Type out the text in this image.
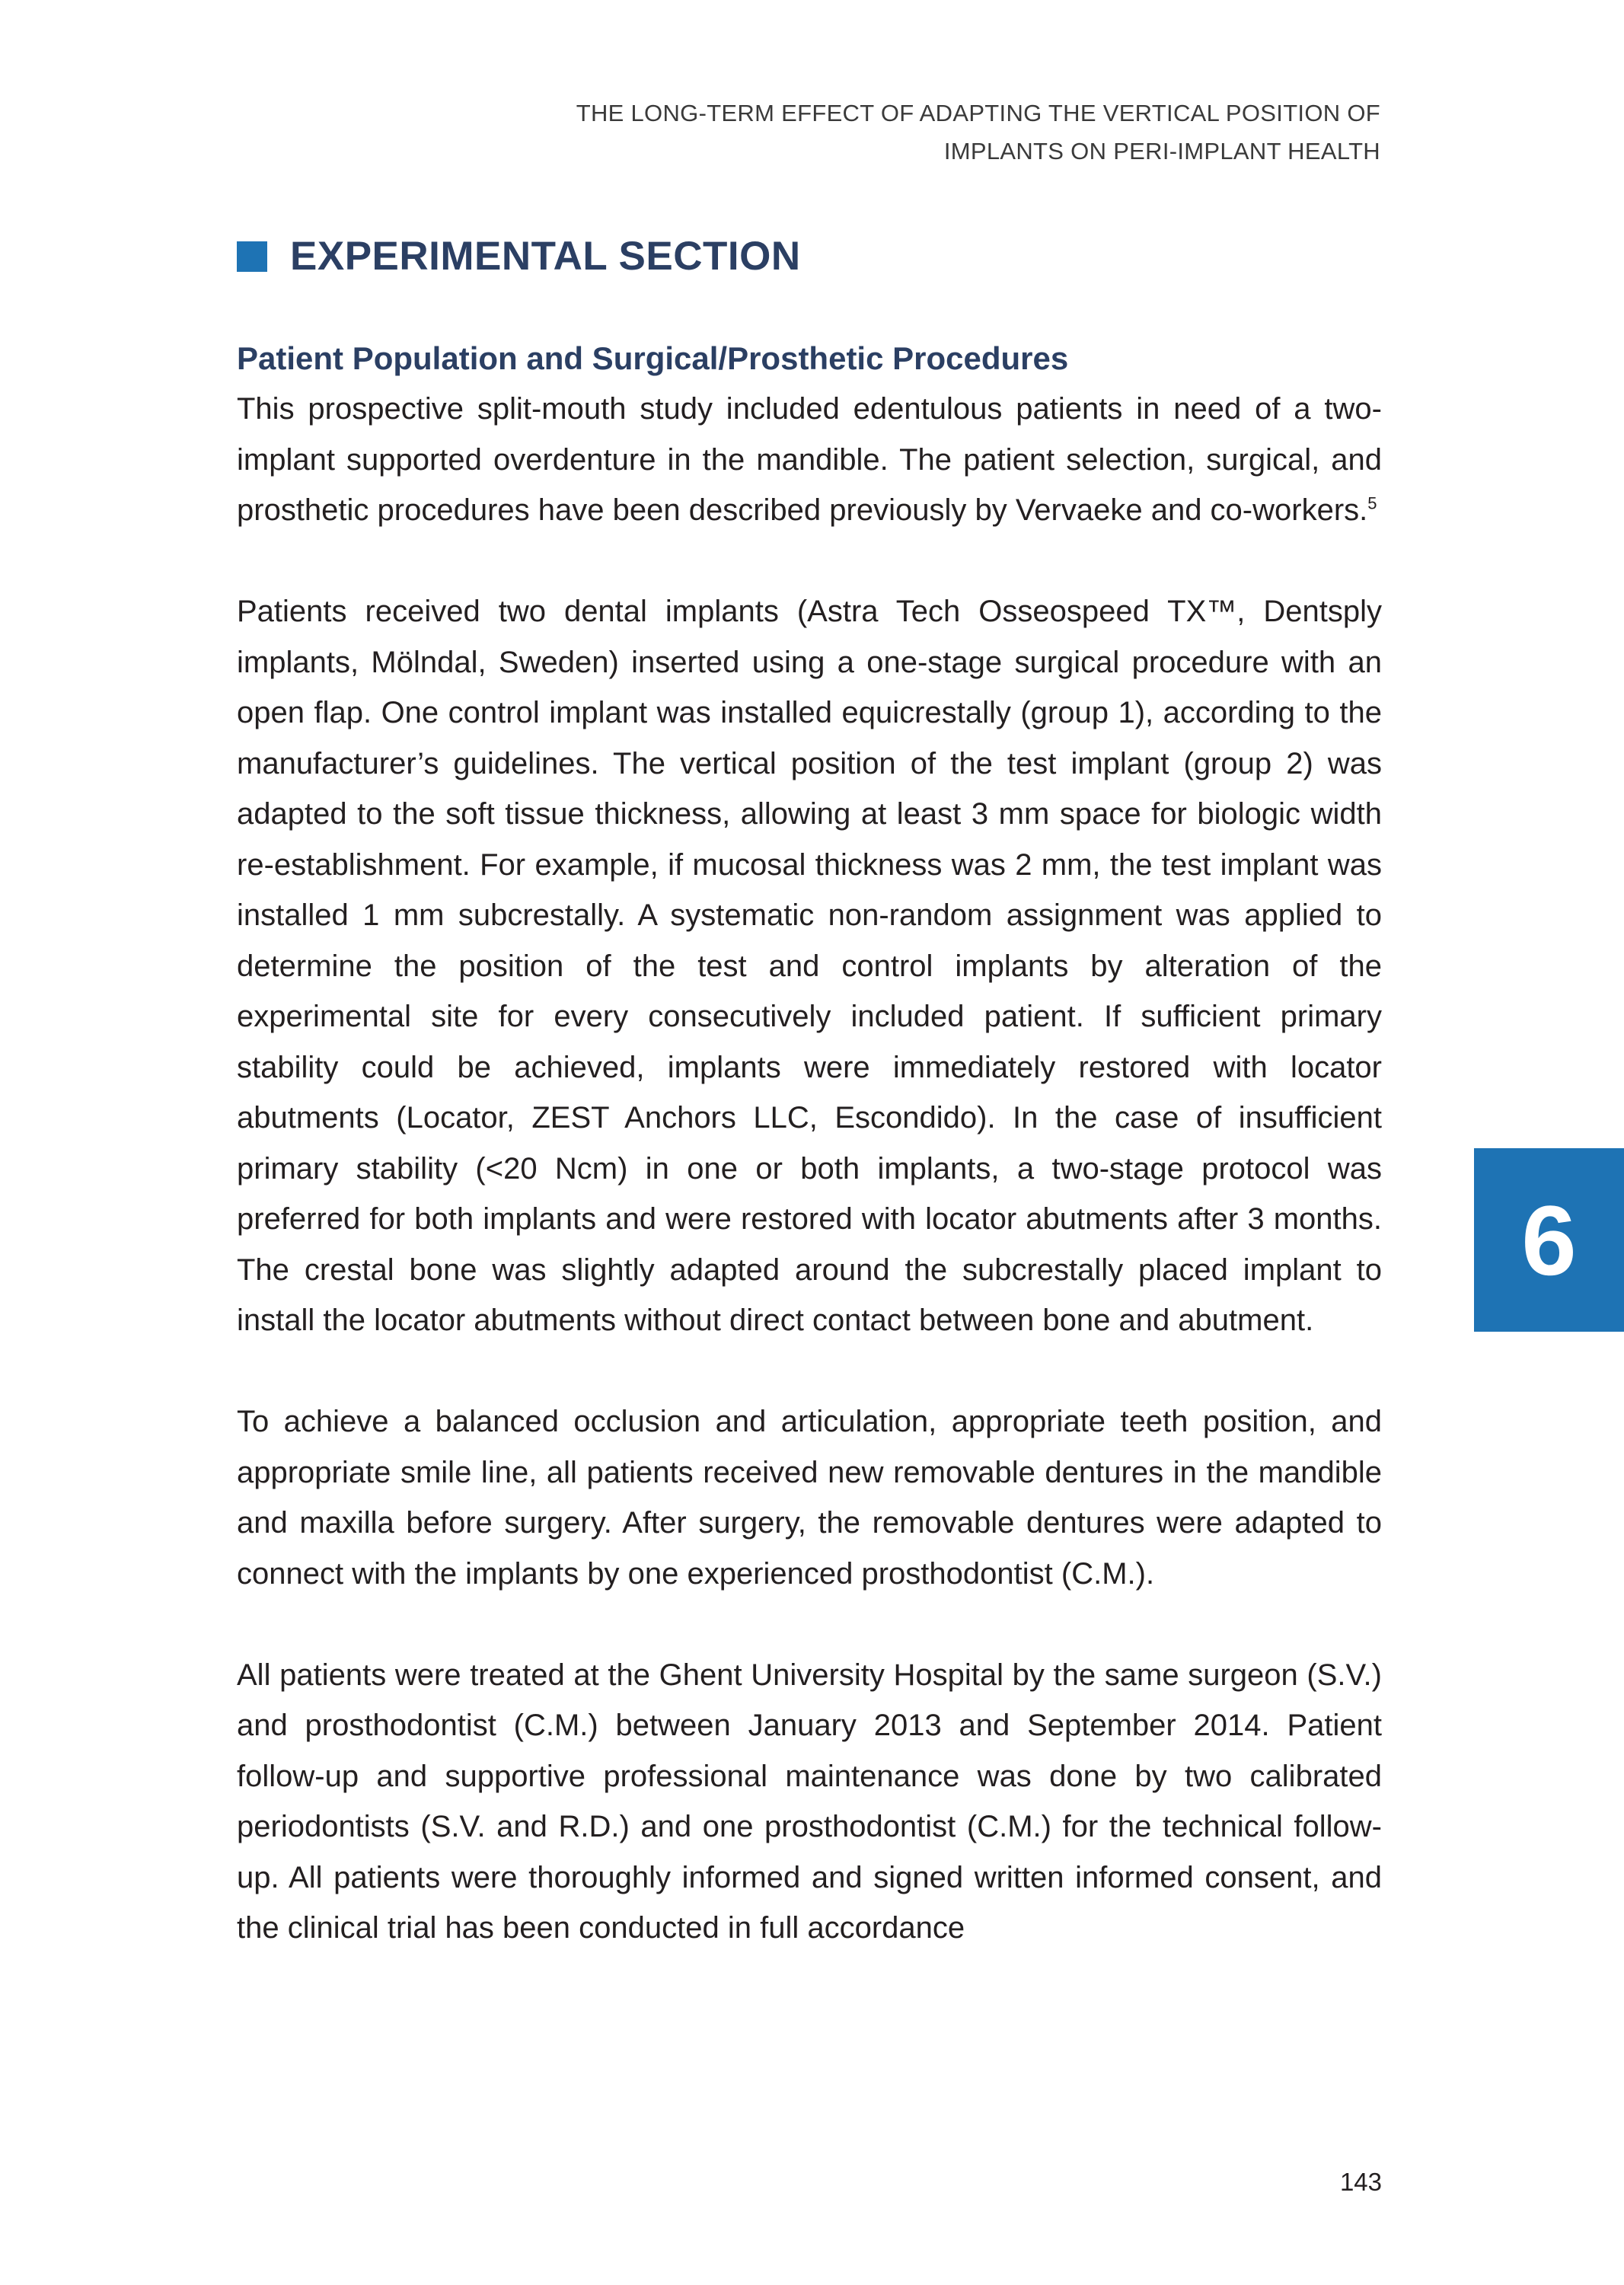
THE LONG-TERM EFFECT OF ADAPTING THE VERTICAL POSITION OF
IMPLANTS ON PERI-IMPLANT HEALTH
EXPERIMENTAL SECTION
Patient Population and Surgical/Prosthetic Procedures

This prospective split-mouth study included edentulous patients in need of a two-implant supported overdenture in the mandible. The patient selection, surgical, and prosthetic procedures have been described previously by Vervaeke and co-workers.$^5$

Patients received two dental implants (Astra Tech Osseospeed TX™, Dentsply implants, Mölndal, Sweden) inserted using a one-stage surgical procedure with an open flap. One control implant was installed equicrestally (group 1), according to the manufacturer’s guidelines. The vertical position of the test implant (group 2) was adapted to the soft tissue thickness, allowing at least 3 mm space for biologic width re-establishment. For example, if mucosal thickness was 2 mm, the test implant was installed 1 mm subcrestally. A systematic non-random assignment was applied to determine the position of the test and control implants by alteration of the experimental site for every consecutively included patient. If sufficient primary stability could be achieved, implants were immediately restored with locator abutments (Locator, ZEST Anchors LLC, Escondido). In the case of insufficient primary stability (<20 Ncm) in one or both implants, a two-stage protocol was preferred for both implants and were restored with locator abutments after 3 months. The crestal bone was slightly adapted around the subcrestally placed implant to install the locator abutments without direct contact between bone and abutment.

To achieve a balanced occlusion and articulation, appropriate teeth position, and appropriate smile line, all patients received new removable dentures in the mandible and maxilla before surgery. After surgery, the removable dentures were adapted to connect with the implants by one experienced prosthodontist (C.M.).

All patients were treated at the Ghent University Hospital by the same surgeon (S.V.) and prosthodontist (C.M.) between January 2013 and September 2014. Patient follow-up and supportive professional maintenance was done by two calibrated periodontists (S.V. and R.D.) and one prosthodontist (C.M.) for the technical follow-up. All patients were thoroughly informed and signed written informed consent, and the clinical trial has been conducted in full accordance

6
143
